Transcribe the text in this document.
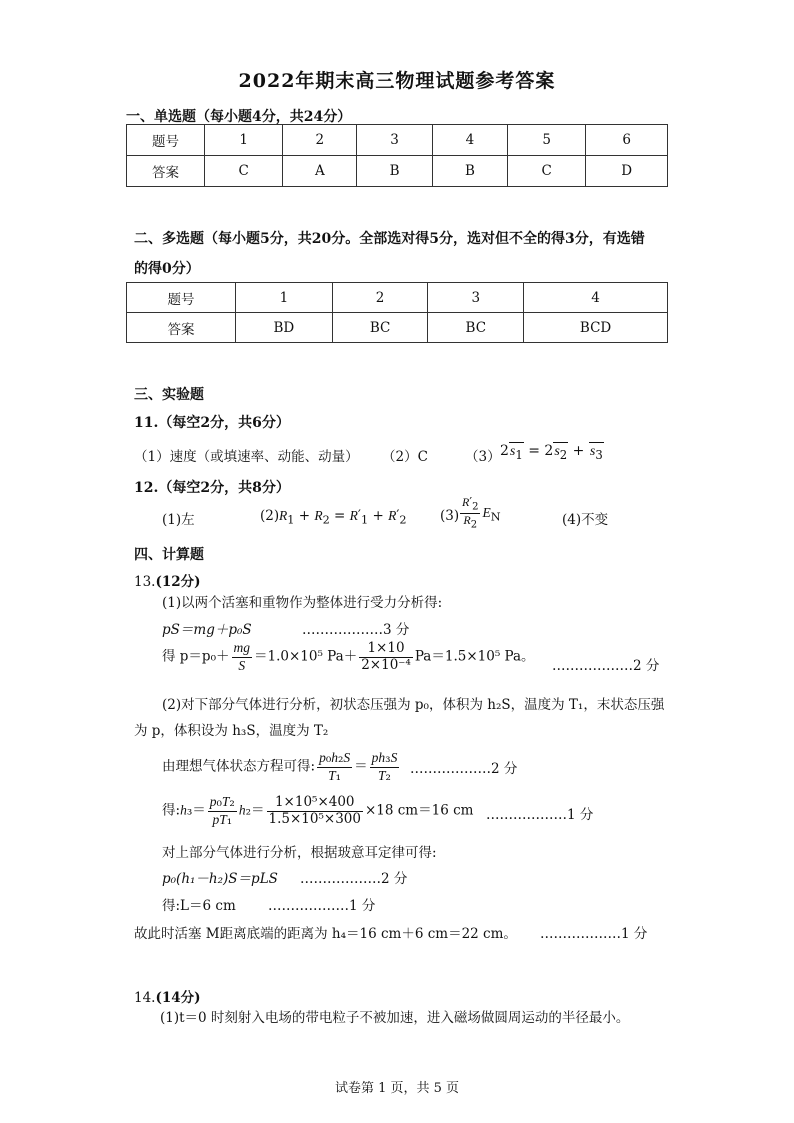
2022年期末高三物理试题参考答案
一、单选题（每小题4分，共24分）
题号	1	2	3	4	5	6
答案	C	A	B	B	C	D
二、多选题（每小题5分，共20分。全部选对得5分，选对但不全的得3分，有选错
的得0分）
题号	1	2	3	4
答案	BD	BC	BC	BCD
三、实验题
11.（每空2分，共6分）
（1）速度（或填速率、动能、动量） （2）C	（3） $2s_1 = 2s_2 + s_3$
12.（每空2分，共8分）
(1)左	(2) $R_1 + R_2 = R'_1 + R'_2$ $(3) \frac{R'_2}{R_2} E_N$	(4)不变
四、计算题
13.(12分)
(1)以两个活塞和重物作为整体进行受力分析得:
pS＝mg＋p₀S	………………3 分
得 $p=p_0+ \frac{mg}{S} =1.0\times 10^5$ $Pa+ \frac{1\times 10}{\text{2×10⁻⁴}} Pa=1.5\times 10^5$ Pa。
………………2 分
(2)对下部分气体进行分析，初状态压强为 p₀，体积为 h₂S，温度为 T₁，末状态压强
为 p，体积设为 h₃S，温度为 T₂
由理想气体状态方程可得: $\frac{\text{p₀h₂S}}{\text{T₁}} = \frac{\text{ph₃S}}{\text{T₂}}$ ………………2 分
得:h₃＝ $\frac{\text{p₀T₂}}{\text{pT₁}} h_2= \frac{\text{1×10⁵×400}}{\text{1.5×10⁵×300}} \times 18$ cm＝16 cm ………………1 分
对上部分气体进行分析，根据玻意耳定律可得:
p₀(h₁－h₂)S＝pLS ………………2 分
得:L＝6 cm ………………1 分
故此时活塞 M距离底端的距离为 h₄＝16 cm＋6 cm＝22 cm。 ………………1 分
14.(14分)
(1)t＝0 时刻射入电场的带电粒子不被加速，进入磁场做圆周运动的半径最小。
试卷第 1 页，共 5 页
